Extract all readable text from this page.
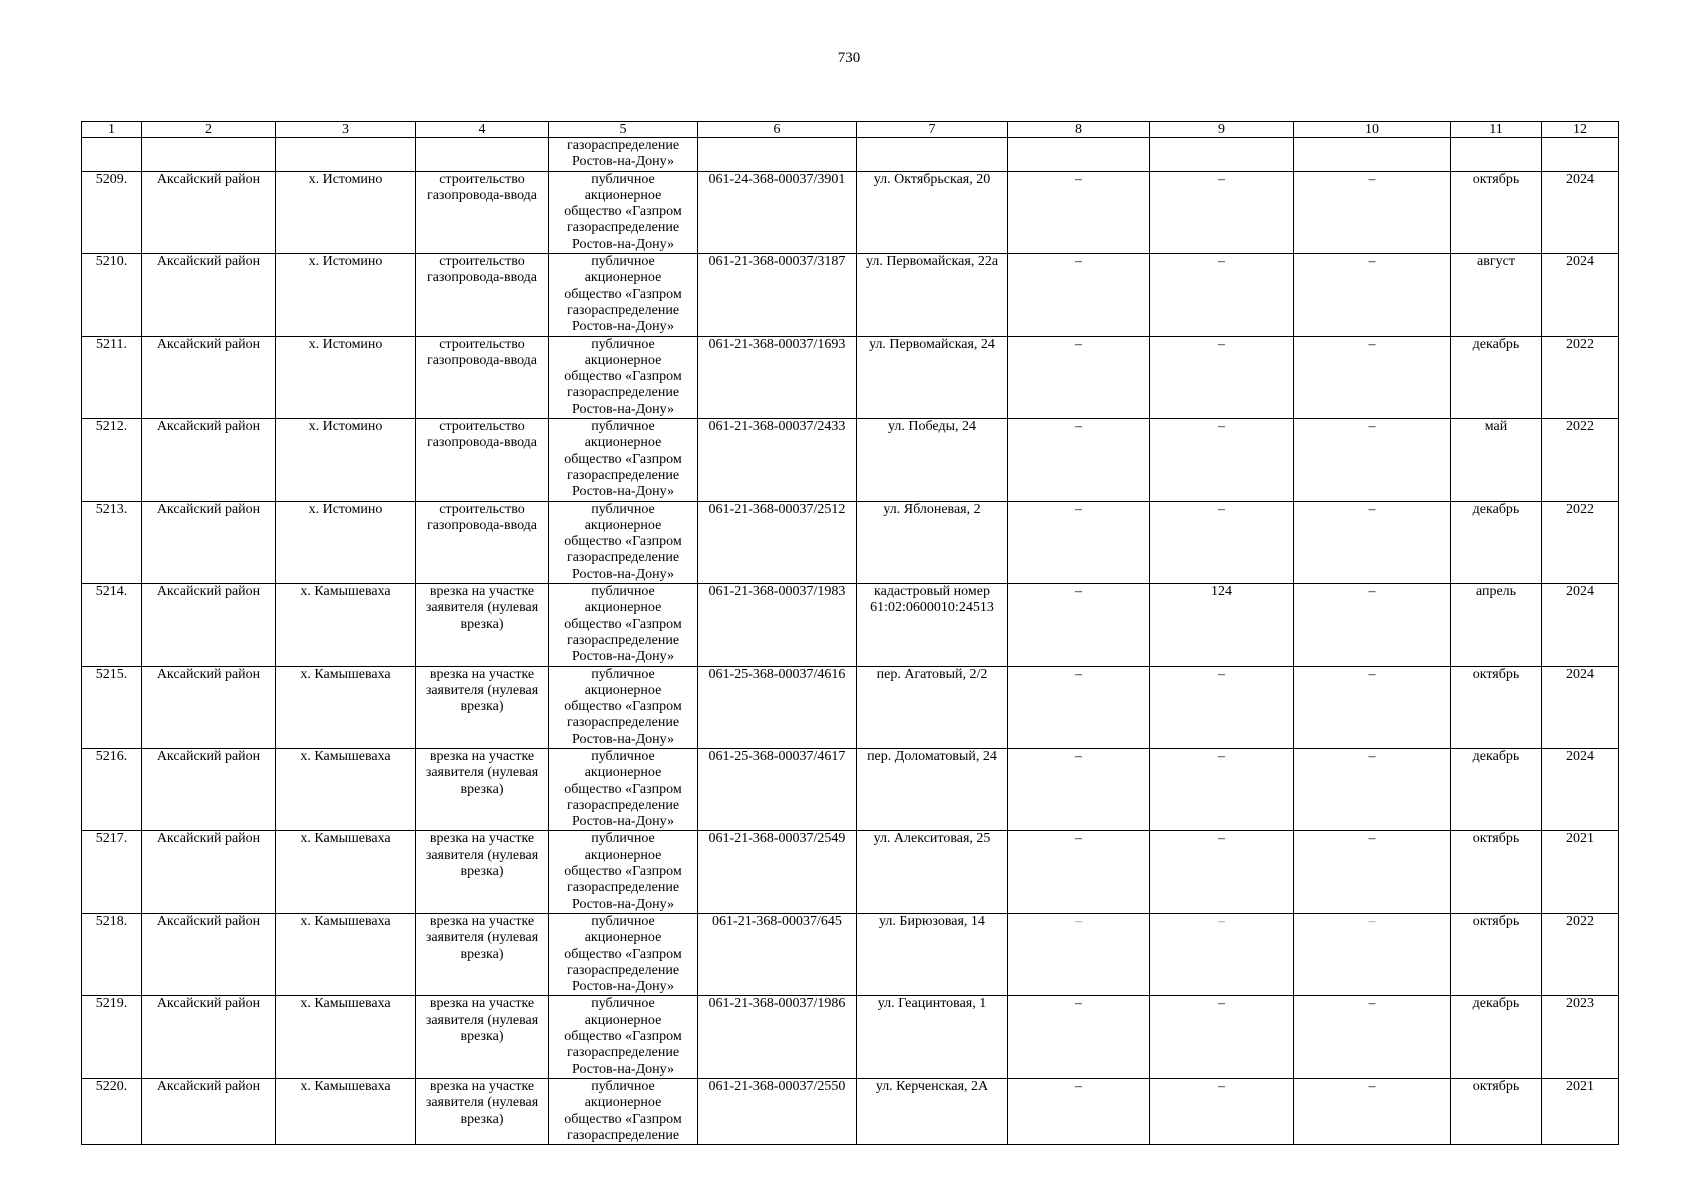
730
1	2	3	4	5	6	7	8	9	10	11	12
				газораспределение
Ростов-на-Дону»							
5209.	Аксайский район	х. Истомино	строительство
газопровода-ввода	публичное
акционерное
общество «Газпром
газораспределение
Ростов-на-Дону»	061-24-368-00037/3901	ул. Октябрьская, 20	–	–	–	октябрь	2024
5210.	Аксайский район	х. Истомино	строительство
газопровода-ввода	публичное
акционерное
общество «Газпром
газораспределение
Ростов-на-Дону»	061-21-368-00037/3187	ул. Первомайская, 22а	–	–	–	август	2024
5211.	Аксайский район	х. Истомино	строительство
газопровода-ввода	публичное
акционерное
общество «Газпром
газораспределение
Ростов-на-Дону»	061-21-368-00037/1693	ул. Первомайская, 24	–	–	–	декабрь	2022
5212.	Аксайский район	х. Истомино	строительство
газопровода-ввода	публичное
акционерное
общество «Газпром
газораспределение
Ростов-на-Дону»	061-21-368-00037/2433	ул. Победы, 24	–	–	–	май	2022
5213.	Аксайский район	х. Истомино	строительство
газопровода-ввода	публичное
акционерное
общество «Газпром
газораспределение
Ростов-на-Дону»	061-21-368-00037/2512	ул. Яблоневая, 2	–	–	–	декабрь	2022
5214.	Аксайский район	х. Камышеваха	врезка на участке
заявителя (нулевая
врезка)	публичное
акционерное
общество «Газпром
газораспределение
Ростов-на-Дону»	061-21-368-00037/1983	кадастровый номер
61:02:0600010:24513	–	124	–	апрель	2024
5215.	Аксайский район	х. Камышеваха	врезка на участке
заявителя (нулевая
врезка)	публичное
акционерное
общество «Газпром
газораспределение
Ростов-на-Дону»	061-25-368-00037/4616	пер. Агатовый, 2/2	–	–	–	октябрь	2024
5216.	Аксайский район	х. Камышеваха	врезка на участке
заявителя (нулевая
врезка)	публичное
акционерное
общество «Газпром
газораспределение
Ростов-на-Дону»	061-25-368-00037/4617	пер. Доломатовый, 24	–	–	–	декабрь	2024
5217.	Аксайский район	х. Камышеваха	врезка на участке
заявителя (нулевая
врезка)	публичное
акционерное
общество «Газпром
газораспределение
Ростов-на-Дону»	061-21-368-00037/2549	ул. Алекситовая, 25	–	–	–	октябрь	2021
5218.	Аксайский район	х. Камышеваха	врезка на участке
заявителя (нулевая
врезка)	публичное
акционерное
общество «Газпром
газораспределение
Ростов-на-Дону»	061-21-368-00037/645	ул. Бирюзовая, 14	–	–	–	октябрь	2022
5219.	Аксайский район	х. Камышеваха	врезка на участке
заявителя (нулевая
врезка)	публичное
акционерное
общество «Газпром
газораспределение
Ростов-на-Дону»	061-21-368-00037/1986	ул. Геацинтовая, 1	–	–	–	декабрь	2023
5220.	Аксайский район	х. Камышеваха	врезка на участке
заявителя (нулевая
врезка)	публичное
акционерное
общество «Газпром
газораспределение	061-21-368-00037/2550	ул. Керченская, 2А	–	–	–	октябрь	2021
